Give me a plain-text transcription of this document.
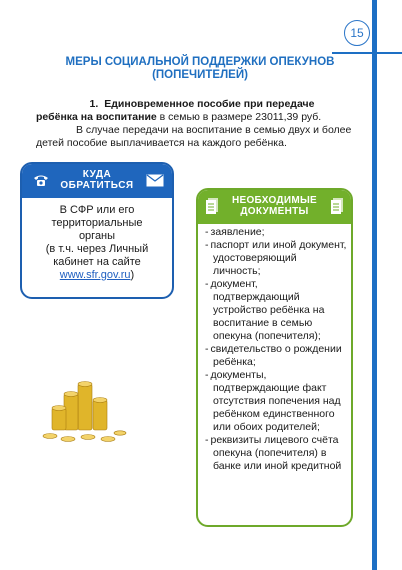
15
МЕРЫ СОЦИАЛЬНОЙ ПОДДЕРЖКИ ОПЕКУНОВ
(ПОПЕЧИТЕЛЕЙ)
1. Единовременное пособие при передаче
ребёнка на воспитание в семью в размере 23011,39 руб.
В случае передачи на воспитание в семью двух и более детей пособие выплачивается на каждого ребёнка.
КУДА
ОБРАТИТЬСЯ
В СФР или его
территориальные
органы
(в т.ч. через Личный
кабинет на сайте
www.sfr.gov.ru)
НЕОБХОДИМЫЕ
ДОКУМЕНТЫ
- заявление;
- паспорт или иной документ, удостоверяющий личность;
- документ, подтверждающий устройство ребёнка на воспитание в семью опекуна (попечителя);
- свидетельство о рождении ребёнка;
- документы, подтверждающие факт отсутствия попечения над ребёнком единственного или обоих родителей;
- реквизиты лицевого счёта опекуна (попечителя) в банке или иной кредитной
